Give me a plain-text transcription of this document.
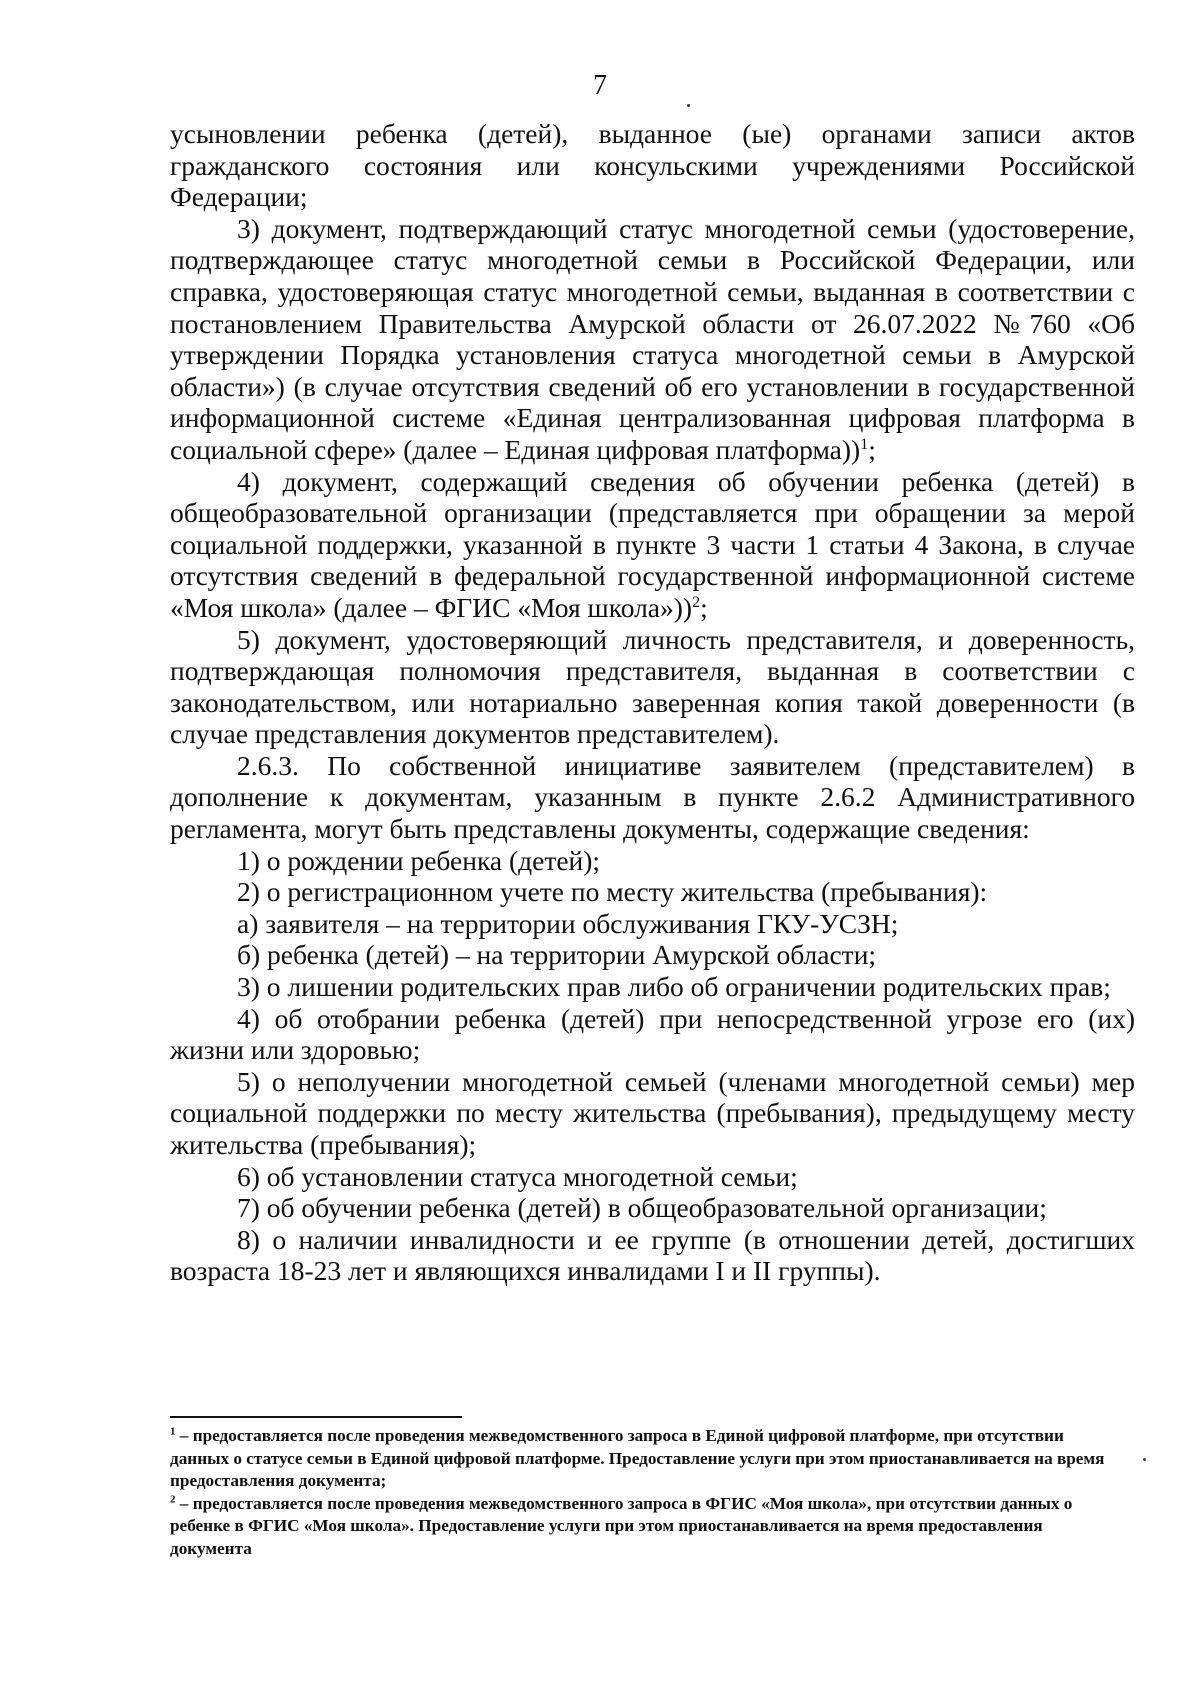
7

усыновлении ребенка (детей), выданное (ые) органами записи актов гражданского состояния или консульскими учреждениями Российской Федерации;

3) документ, подтверждающий статус многодетной семьи (удостоверение, подтверждающее статус многодетной семьи в Российской Федерации, или справка, удостоверяющая статус многодетной семьи, выданная в соответствии с постановлением Правительства Амурской области от 26.07.2022 №760 «Об утверждении Порядка установления статуса многодетной семьи в Амурской области») (в случае отсутствия сведений об его установлении в государственной информационной системе «Единая централизованная цифровая платформа в социальной сфере» (далее – Единая цифровая платформа))$^1$;

4) документ, содержащий сведения об обучении ребенка (детей) в общеобразовательной организации (представляется при обращении за мерой социальной поддержки, указанной в пункте 3 части 1 статьи 4 Закона, в случае отсутствия сведений в федеральной государственной информационной системе «Моя школа» (далее – ФГИС «Моя школа»))$^2$;

5) документ, удостоверяющий личность представителя, и доверенность, подтверждающая полномочия представителя, выданная в соответствии с законодательством, или нотариально заверенная копия такой доверенности (в случае представления документов представителем).

2.6.3. По собственной инициативе заявителем (представителем) в дополнение к документам, указанным в пункте 2.6.2 Административного регламента, могут быть представлены документы, содержащие сведения:

1) о рождении ребенка (детей);

2) о регистрационном учете по месту жительства (пребывания):

а) заявителя – на территории обслуживания ГКУ-УСЗН;

б) ребенка (детей) – на территории Амурской области;

3) о лишении родительских прав либо об ограничении родительских прав;

4) об отобрании ребенка (детей) при непосредственной угрозе его (их) жизни или здоровью;

5) о неполучении многодетной семьей (членами многодетной семьи) мер социальной поддержки по месту жительства (пребывания), предыдущему месту жительства (пребывания);

6) об установлении статуса многодетной семьи;

7) об обучении ребенка (детей) в общеобразовательной организации;

8) о наличии инвалидности и ее группе (в отношении детей, достигших возраста 18-23 лет и являющихся инвалидами I и II группы).

$^1$ – предоставляется после проведения межведомственного запроса в Единой цифровой платформе, при отсутствии данных о статусе семьи в Единой цифровой платформе. Предоставление услуги при этом приостанавливается на время предоставления документа;

$^2$ – предоставляется после проведения межведомственного запроса в ФГИС «Моя школа», при отсутствии данных о ребенке в ФГИС «Моя школа». Предоставление услуги при этом приостанавливается на время предоставления документа
